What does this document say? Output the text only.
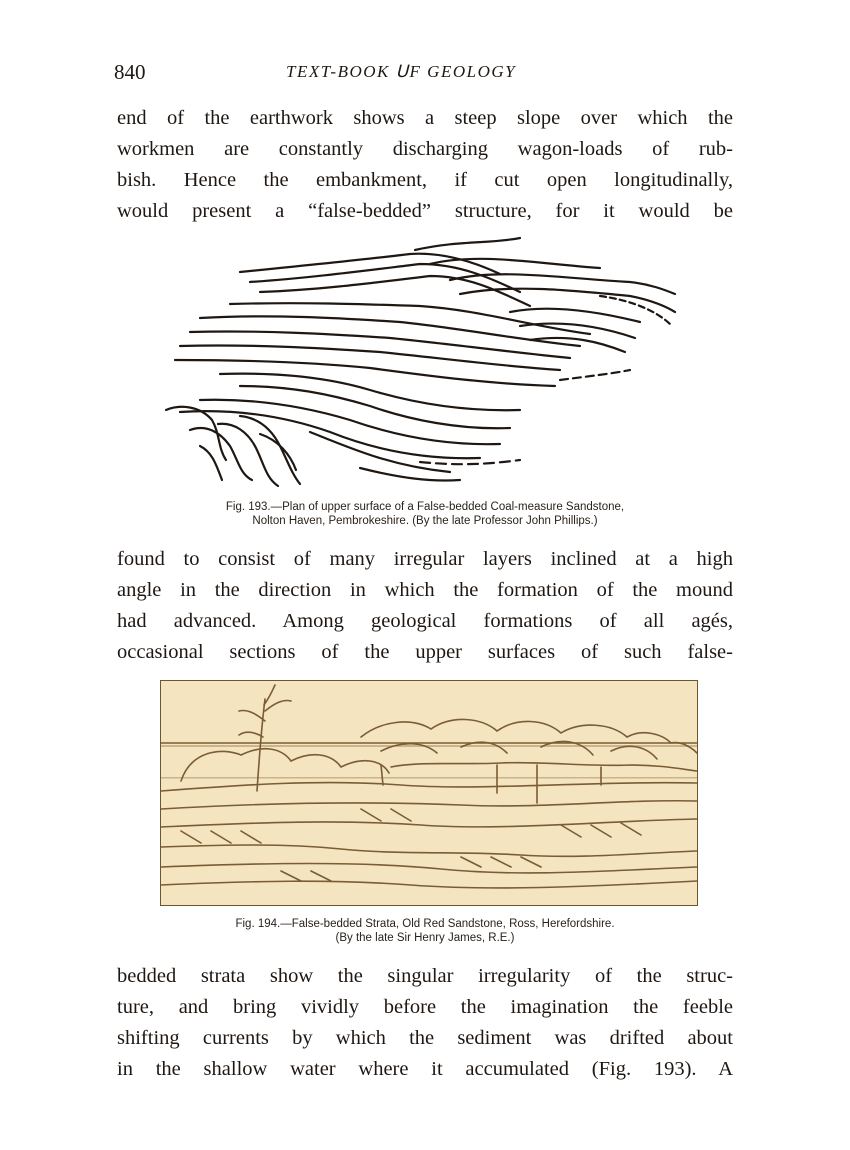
840	TEXT-BOOK ᑌF GEOLOGY
end of the earthwork shows a steep slope over which the
workmen are constantly discharging wagon-loads of rub-
bish. Hence the embankment, if cut open longitudinally,
would present a “false-bedded” structure, for it would be
Fig. 193.—Plan of upper surface of a False-bedded Coal-measure Sandstone,
Nolton Haven, Pembrokeshire. (By the late Professor John Phillips.)
found to consist of many irregular layers inclined at a high
angle in the direction in which the formation of the mound
had advanced. Among geological formations of all agés,
occasional sections of the upper surfaces of such false-
Fig. 194.—False-bedded Strata, Old Red Sandstone, Ross, Herefordshire.
(By the late Sir Henry James, R.E.)
bedded strata show the singular irregularity of the struc-
ture, and bring vividly before the imagination the feeble
shifting currents by which the sediment was drifted about
in the shallow water where it accumulated (Fig. 193). A
